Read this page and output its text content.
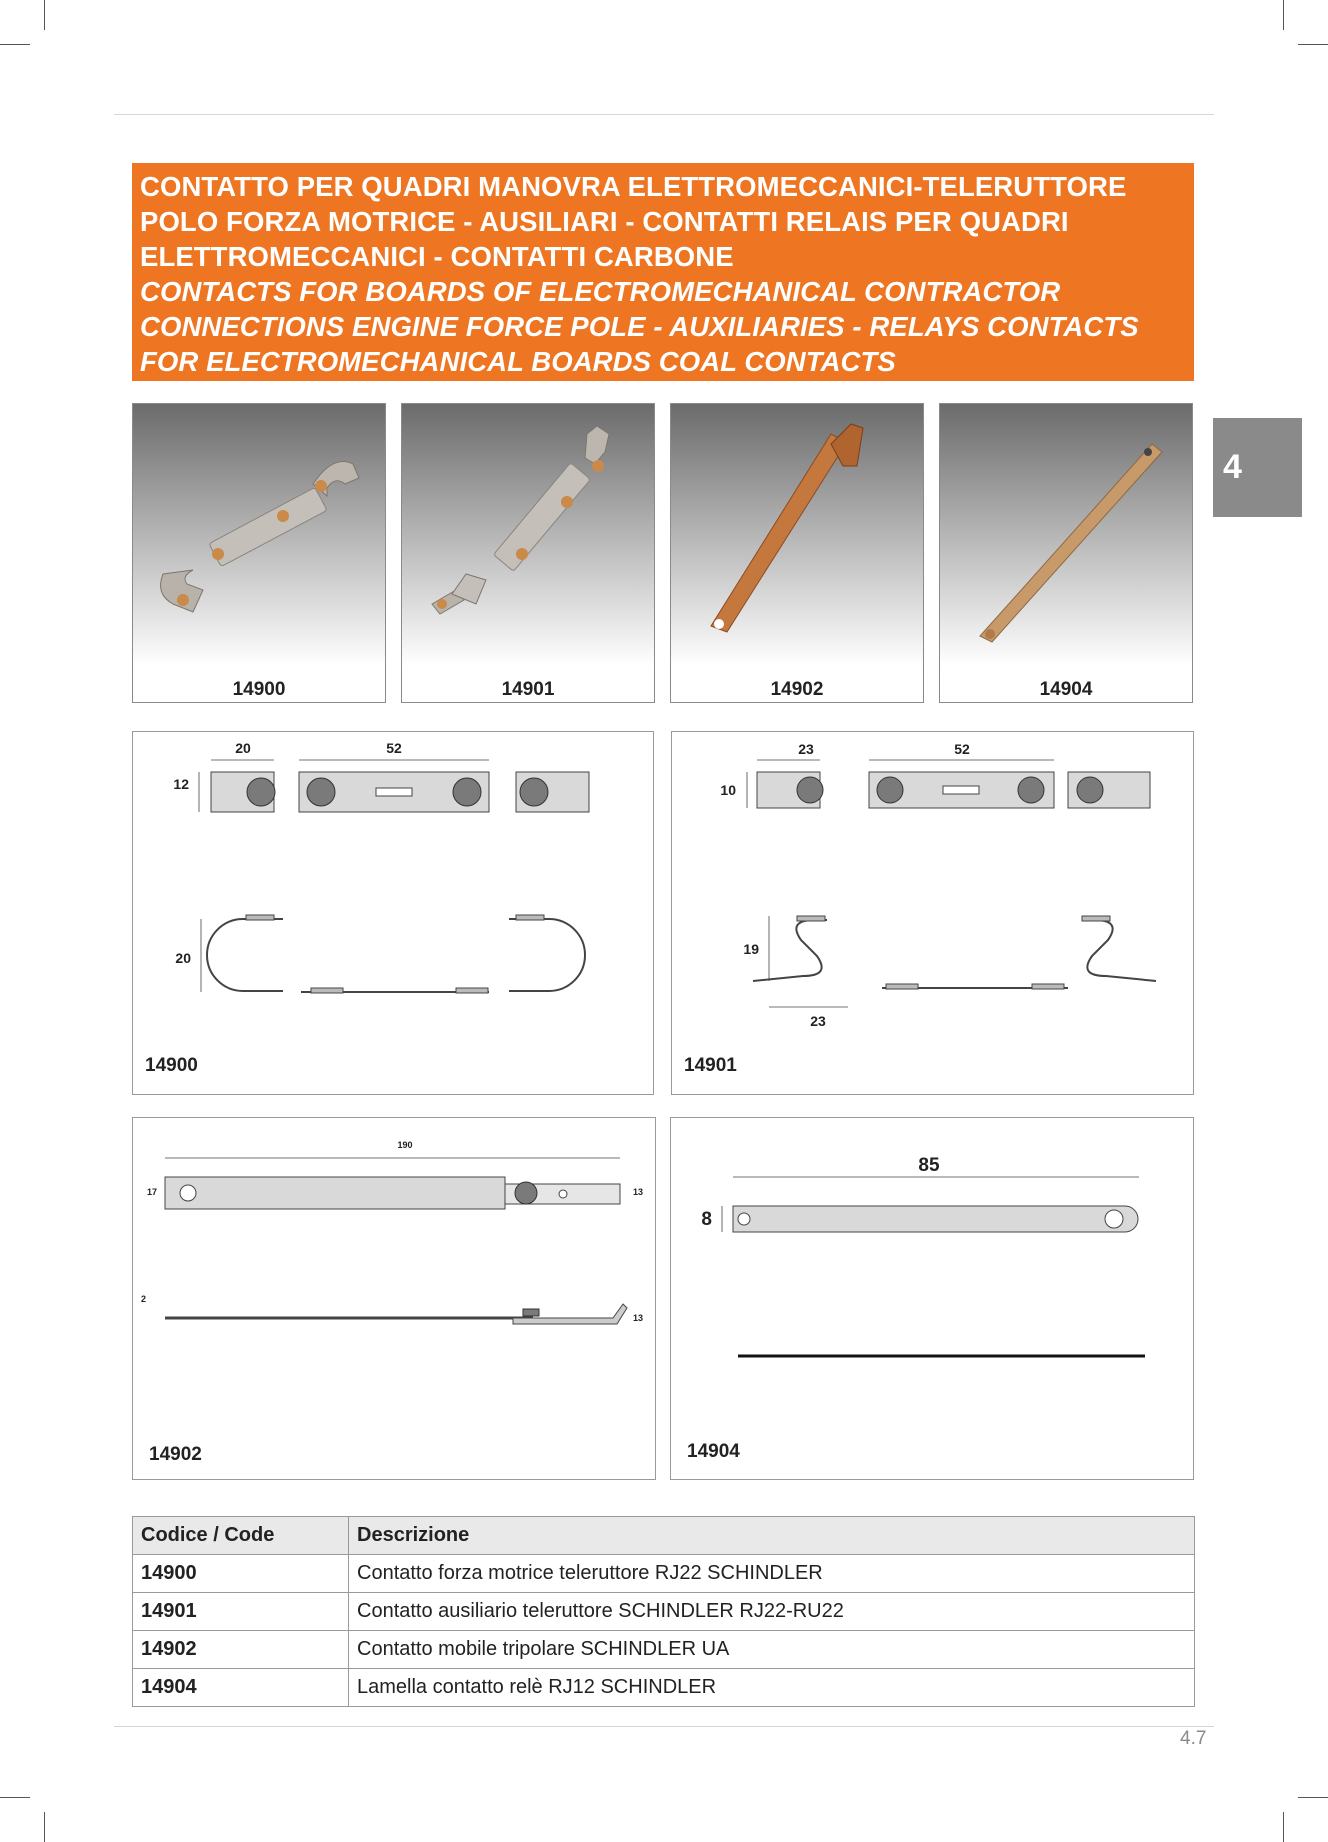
CONTATTO PER QUADRI MANOVRA ELETTROMECCANICI-TELERUTTORE
POLO FORZA MOTRICE - AUSILIARI - CONTATTI RELAIS PER QUADRI
ELETTROMECCANICI - CONTATTI CARBONE
CONTACTS FOR BOARDS OF ELECTROMECHANICAL CONTRACTOR
CONNECTIONS ENGINE FORCE POLE - AUXILIARIES - RELAYS CONTACTS
FOR ELECTROMECHANICAL BOARDS COAL CONTACTS
4
14900	14901	14902	14904
20	52
12
20
14900
23	52
10
19
23
14901
190
17	13
2
13
14902
85
8
14904
Codice / Code	Descrizione
14900	Contatto forza motrice teleruttore RJ22 SCHINDLER
14901	Contatto ausiliario teleruttore SCHINDLER RJ22-RU22
14902	Contatto mobile tripolare SCHINDLER UA
14904	Lamella contatto relè RJ12 SCHINDLER
4.7
